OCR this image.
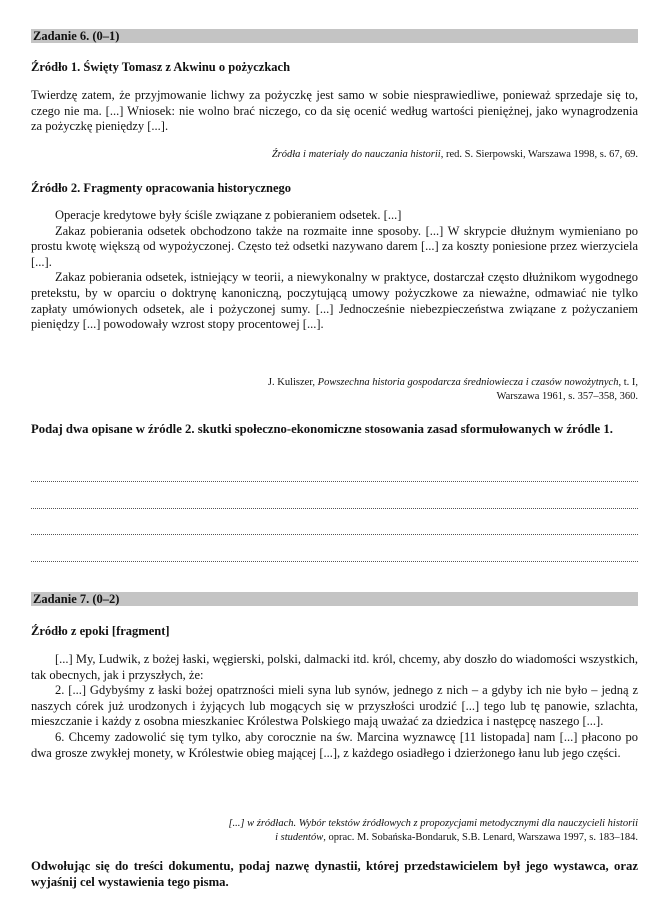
Zadanie 6. (0–1)
Źródło 1. Święty Tomasz z Akwinu o pożyczkach

Twierdzę zatem, że przyjmowanie lichwy za pożyczkę jest samo w sobie niesprawiedliwe, ponieważ sprzedaje się to, czego nie ma. [...] Wniosek: nie wolno brać niczego, co da się ocenić według wartości pieniężnej, jako wynagrodzenia za pożyczkę pieniędzy [...].

Źródła i materiały do nauczania historii, red. S. Sierpowski, Warszawa 1998, s. 67, 69.
Źródło 2. Fragmenty opracowania historycznego

Operacje kredytowe były ściśle związane z pobieraniem odsetek. [...]

Zakaz pobierania odsetek obchodzono także na rozmaite inne sposoby. [...] W skrypcie dłużnym wymieniano po prostu kwotę większą od wypożyczonej. Często też odsetki nazywano darem [...] za koszty poniesione przez wierzyciela [...].

Zakaz pobierania odsetek, istniejący w teorii, a niewykonalny w praktyce, dostarczał często dłużnikom wygodnego pretekstu, by w oparciu o doktrynę kanoniczną, poczytującą umowy pożyczkowe za nieważne, odmawiać nie tylko zapłaty umówionych odsetek, ale i pożyczonej sumy. [...] Jednocześnie niebezpieczeństwa związane z pożyczaniem pieniędzy [...] powodowały wzrost stopy procentowej [...].

J. Kuliszer, Powszechna historia gospodarcza średniowiecza i czasów nowożytnych, t. I,
Warszawa 1961, s. 357–358, 360.
Podaj dwa opisane w źródle 2. skutki społeczno-ekonomiczne stosowania zasad sformułowanych w źródle 1.
Zadanie 7. (0–2)
Źródło z epoki [fragment]

[...] My, Ludwik, z bożej łaski, węgierski, polski, dalmacki itd. król, chcemy, aby doszło do wiadomości wszystkich, tak obecnych, jak i przyszłych, że:

2. [...] Gdybyśmy z łaski bożej opatrzności mieli syna lub synów, jednego z nich – a gdyby ich nie było – jedną z naszych córek już urodzonych i żyjących lub mogących się w przyszłości urodzić [...] tego lub tę panowie, szlachta, mieszczanie i każdy z osobna mieszkaniec Królestwa Polskiego mają uważać za dziedzica i następcę naszego [...].

6. Chcemy zadowolić się tym tylko, aby corocznie na św. Marcina wyznawcę [11 listopada] nam [...] płacono po dwa grosze zwykłej monety, w Królestwie obieg mającej [...], z każdego osiadłego i dzierżonego łanu lub jego części.

[...] w źródłach. Wybór tekstów źródłowych z propozycjami metodycznymi dla nauczycieli historii
i studentów, oprac. M. Sobańska-Bondaruk, S.B. Lenard, Warszawa 1997, s. 183–184.
Odwołując się do treści dokumentu, podaj nazwę dynastii, której przedstawicielem był jego wystawca, oraz wyjaśnij cel wystawienia tego pisma.
